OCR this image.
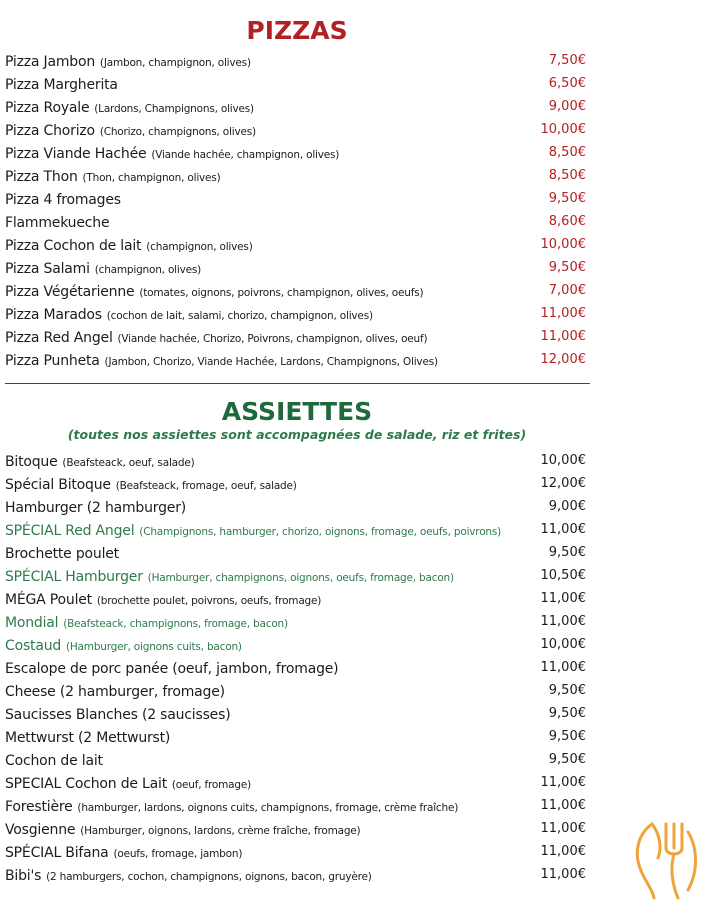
PIZZAS
Pizza Jambon (Jambon, champignon, olives)	7,50€
Pizza Margherita	6,50€
Pizza Royale (Lardons, Champignons, olives)	9,00€
Pizza Chorizo (Chorizo, champignons, olives)	10,00€
Pizza Viande Hachée (Viande hachée, champignon, olives)	8,50€
Pizza Thon (Thon, champignon, olives)	8,50€
Pizza 4 fromages	9,50€
Flammekueche	8,60€
Pizza Cochon de lait (champignon, olives)	10,00€
Pizza Salami (champignon, olives)	9,50€
Pizza Végétarienne (tomates, oignons, poivrons, champignon, olives, oeufs)	7,00€
Pizza Marados (cochon de lait, salami, chorizo, champignon, olives)	11,00€
Pizza Red Angel (Viande hachée, Chorizo, Poivrons, champignon, olives, oeuf)	11,00€
Pizza Punheta (Jambon, Chorizo, Viande Hachée, Lardons, Champignons, Olives)	12,00€
ASSIETTES
(toutes nos assiettes sont accompagnées de salade, riz et frites)
Bitoque (Beafsteack, oeuf, salade)	10,00€
Spécial Bitoque (Beafsteack, fromage, oeuf, salade)	12,00€
Hamburger (2 hamburger)	9,00€
SPÉCIAL Red Angel (Champignons, hamburger, chorizo, oignons, fromage, oeufs, poivrons)	11,00€
Brochette poulet	9,50€
SPÉCIAL Hamburger (Hamburger, champignons, oignons, oeufs, fromage, bacon)	10,50€
MÉGA Poulet (brochette poulet, poivrons, oeufs, fromage)	11,00€
Mondial (Beafsteack, champignons, fromage, bacon)	11,00€
Costaud (Hamburger, oignons cuits, bacon)	10,00€
Escalope de porc panée (oeuf, jambon, fromage)	11,00€
Cheese (2 hamburger, fromage)	9,50€
Saucisses Blanches (2 saucisses)	9,50€
Mettwurst (2 Mettwurst)	9,50€
Cochon de lait	9,50€
SPECIAL Cochon de Lait (oeuf, fromage)	11,00€
Forestière (hamburger, lardons, oignons cuits, champignons, fromage, crème fraîche)	11,00€
Vosgienne (Hamburger, oignons, lardons, crème fraîche, fromage)	11,00€
SPÉCIAL Bifana (oeufs, fromage, jambon)	11,00€
Bibi's (2 hamburgers, cochon, champignons, oignons, bacon, gruyère)	11,00€
